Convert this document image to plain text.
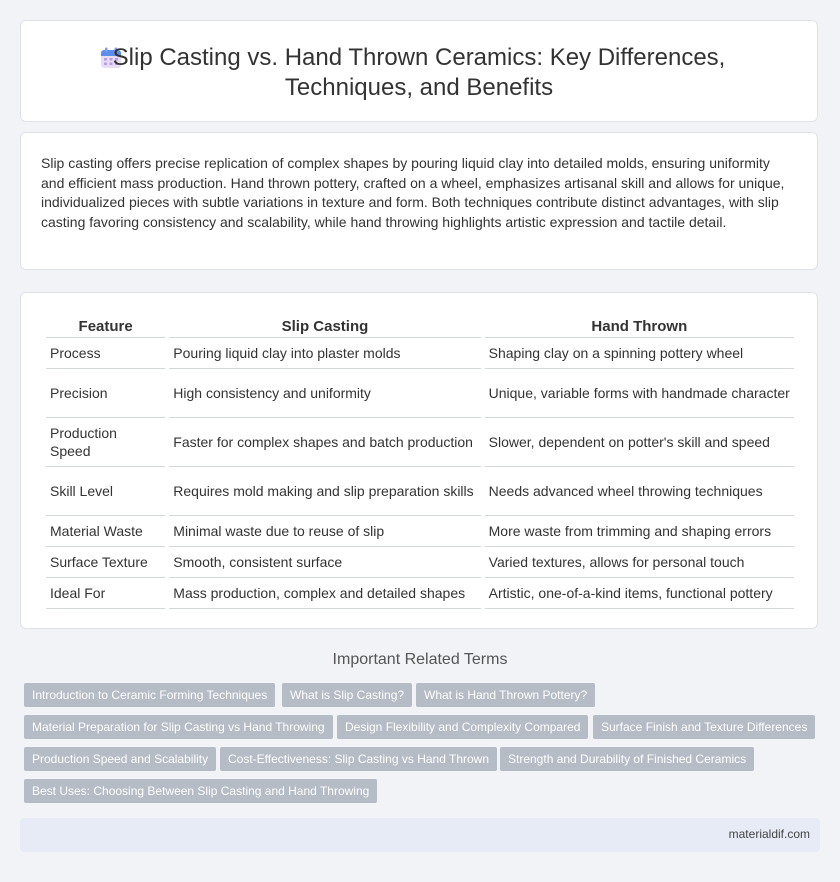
Slip Casting vs. Hand Thrown Ceramics: Key Differences,
Techniques, and Benefits
Slip casting offers precise replication of complex shapes by pouring liquid clay into detailed molds, ensuring uniformity and efficient mass production. Hand thrown pottery, crafted on a wheel, emphasizes artisanal skill and allows for unique, individualized pieces with subtle variations in texture and form. Both techniques contribute distinct advantages, with slip casting favoring consistency and scalability, while hand throwing highlights artistic expression and tactile detail.
Feature	Slip Casting	Hand Thrown
Process	Pouring liquid clay into plaster molds	Shaping clay on a spinning pottery wheel
Precision	High consistency and uniformity	Unique, variable forms with handmade character
Production Speed	Faster for complex shapes and batch production	Slower, dependent on potter's skill and speed
Skill Level	Requires mold making and slip preparation skills	Needs advanced wheel throwing techniques
Material Waste	Minimal waste due to reuse of slip	More waste from trimming and shaping errors
Surface Texture	Smooth, consistent surface	Varied textures, allows for personal touch
Ideal For	Mass production, complex and detailed shapes	Artistic, one-of-a-kind items, functional pottery
Important Related Terms
Introduction to Ceramic Forming Techniques	What is Slip Casting?	What is Hand Thrown Pottery?
Material Preparation for Slip Casting vs Hand Throwing	Design Flexibility and Complexity Compared	Surface Finish and Texture Differences
Production Speed and Scalability	Cost-Effectiveness: Slip Casting vs Hand Thrown	Strength and Durability of Finished Ceramics
Best Uses: Choosing Between Slip Casting and Hand Throwing
materialdif.com
